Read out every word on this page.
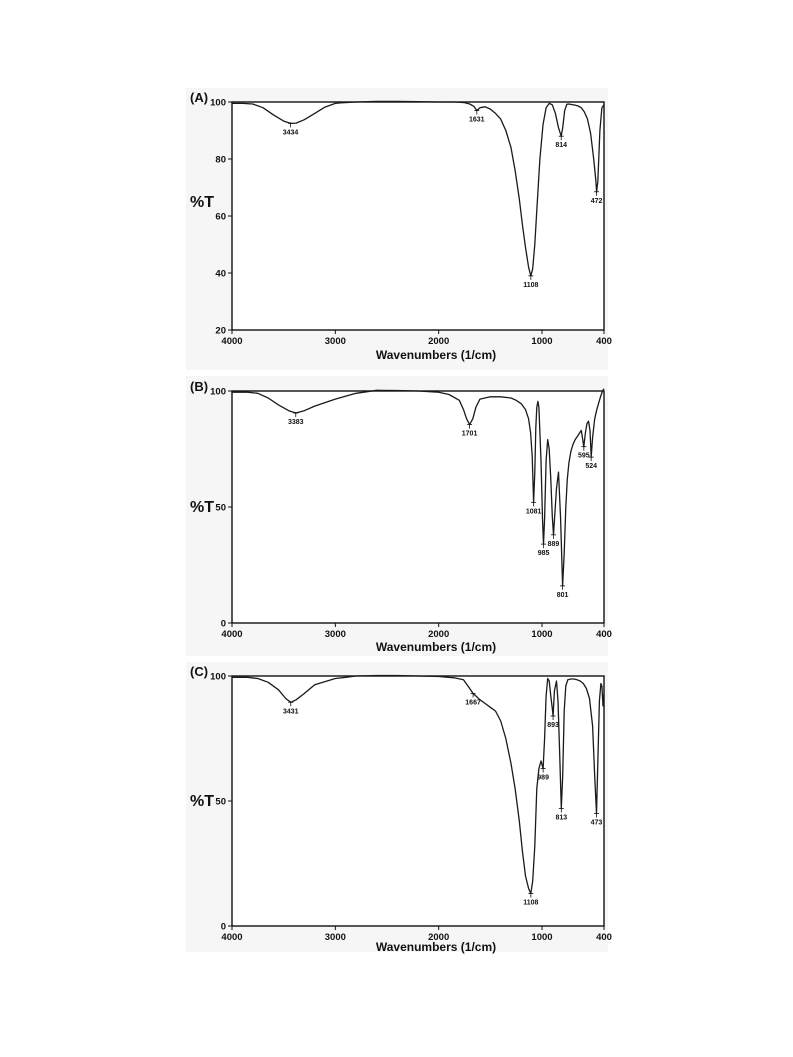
(A)
4000	3000	2000	1000	400
20
40
60
80
100
%T
Wavenumbers (1/cm)
3434
1631
1108
814
472
(B)
4000	3000	2000	1000	400
0
50
100
%T
Wavenumbers (1/cm)
3383
1701
1081
985
889
801
595
524
(C)
4000	3000	2000	1000	400
0
50
100
%T
Wavenumbers (1/cm)
3431
1667
1108
989
893
813
473
